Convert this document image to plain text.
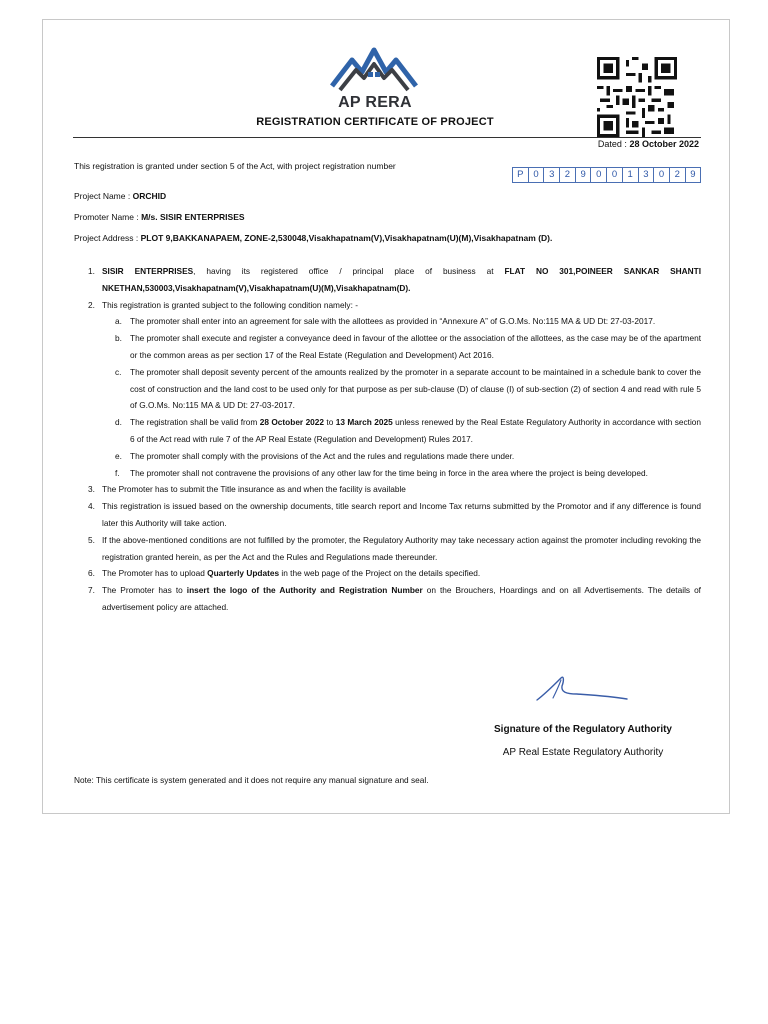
AP RERA
REGISTRATION CERTIFICATE OF PROJECT
Dated : 28 October 2022
This registration is granted under section 5 of the Act, with project registration number
P	0	3	2	9	0	0	1	3	0	2	9
Project Name : ORCHID
Promoter Name : M/s. SISIR ENTERPRISES
Project Address : PLOT 9,BAKKANAPAEM, ZONE-2,530048,Visakhapatnam(V),Visakhapatnam(U)(M),Visakhapatnam (D).
1. SISIR ENTERPRISES, having its registered office / principal place of business at FLAT NO 301,POINEER SANKAR SHANTI NKETHAN,530003,Visakhapatnam(V),Visakhapatnam(U)(M),Visakhapatnam(D).
2. This registration is granted subject to the following condition namely: -
a. The promoter shall enter into an agreement for sale with the allottees as provided in “Annexure A” of G.O.Ms. No:115 MA & UD Dt: 27-03-2017.
b. The promoter shall execute and register a conveyance deed in favour of the allottee or the association of the allottees, as the case may be of the apartment or the common areas as per section 17 of the Real Estate (Regulation and Development) Act 2016.
c. The promoter shall deposit seventy percent of the amounts realized by the promoter in a separate account to be maintained in a schedule bank to cover the cost of construction and the land cost to be used only for that purpose as per sub-clause (D) of clause (I) of sub-section (2) of section 4 and read with rule 5 of G.O.Ms. No:115 MA & UD Dt: 27-03-2017.
d. The registration shall be valid from 28 October 2022 to 13 March 2025 unless renewed by the Real Estate Regulatory Authority in accordance with section 6 of the Act read with rule 7 of the AP Real Estate (Regulation and Development) Rules 2017.
e. The promoter shall comply with the provisions of the Act and the rules and regulations made there under.
f. The promoter shall not contravene the provisions of any other law for the time being in force in the area where the project is being developed.
3. The Promoter has to submit the Title insurance as and when the facility is available
4. This registration is issued based on the ownership documents, title search report and Income Tax returns submitted by the Promotor and if any difference is found later this Authority will take action.
5. If the above-mentioned conditions are not fulfilled by the promoter, the Regulatory Authority may take necessary action against the promoter including revoking the registration granted herein, as per the Act and the Rules and Regulations made thereunder.
6. The Promoter has to upload Quarterly Updates in the web page of the Project on the details specified.
7. The Promoter has to insert the logo of the Authority and Registration Number on the Brouchers, Hoardings and on all Advertisements. The details of advertisement policy are attached.
Signature of the Regulatory Authority
AP Real Estate Regulatory Authority
Note: This certificate is system generated and it does not require any manual signature and seal.
